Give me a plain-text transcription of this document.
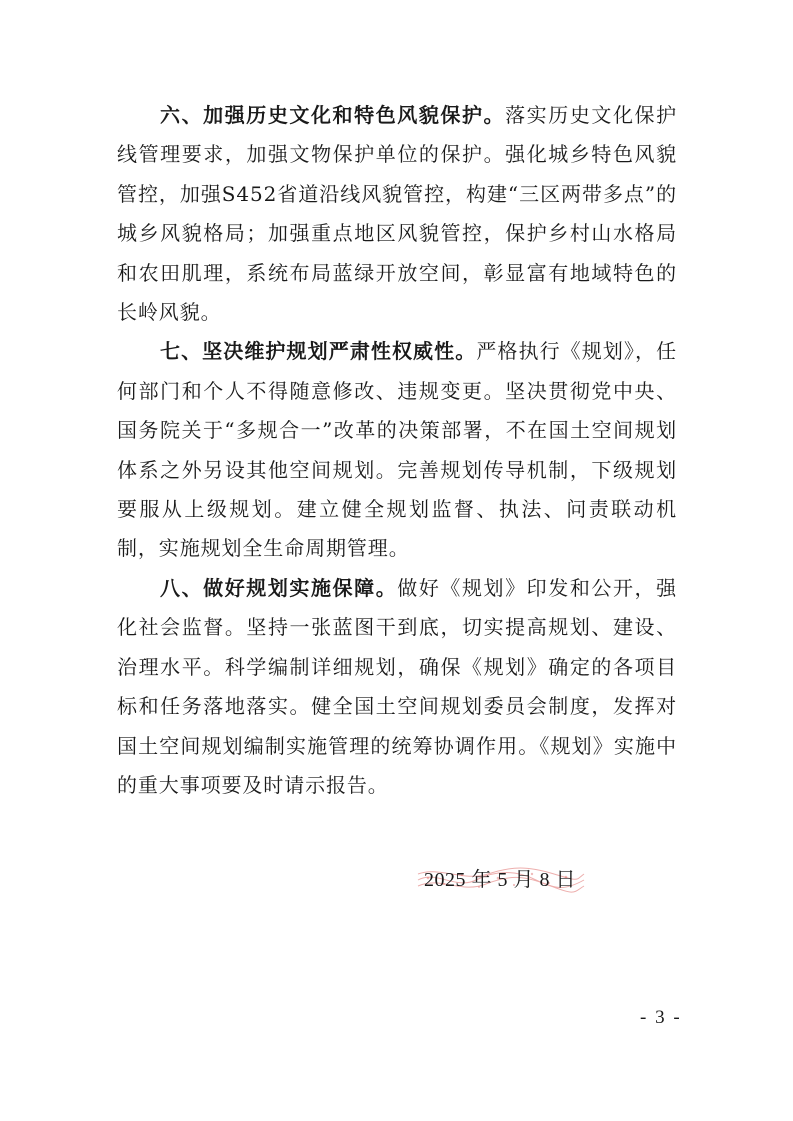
六、加强历史文化和特色风貌保护。落实历史文化保护线管理要求，加强文物保护单位的保护。强化城乡特色风貌管控，加强S452省道沿线风貌管控，构建“三区两带多点”的城乡风貌格局；加强重点地区风貌管控，保护乡村山水格局和农田肌理，系统布局蓝绿开放空间，彰显富有地域特色的长岭风貌。

七、坚决维护规划严肃性权威性。严格执行《规划》，任何部门和个人不得随意修改、违规变更。坚决贯彻党中央、国务院关于“多规合一”改革的决策部署，不在国土空间规划体系之外另设其他空间规划。完善规划传导机制，下级规划要服从上级规划。建立健全规划监督、执法、问责联动机制，实施规划全生命周期管理。

八、做好规划实施保障。做好《规划》印发和公开，强化社会监督。坚持一张蓝图干到底，切实提高规划、建设、治理水平。科学编制详细规划，确保《规划》确定的各项目标和任务落地落实。健全国土空间规划委员会制度，发挥对国土空间规划编制实施管理的统筹协调作用。《规划》实施中的重大事项要及时请示报告。

2025 年 5 月 8 日
- 3 -
